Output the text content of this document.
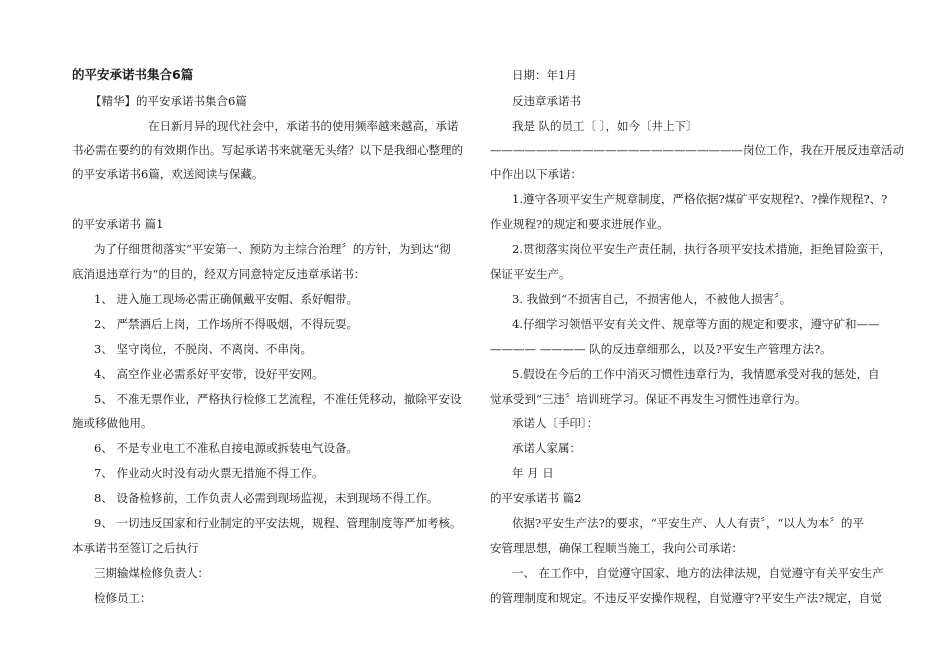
的平安承诺书集合6篇
【精华】的平安承诺书集合6篇
在日新月异的现代社会中，承诺书的使用频率越来越高，承诺
书必需在要约的有效期作出。写起承诺书来就毫无头绪？以下是我细心整理的
的平安承诺书6篇，欢送阅读与保藏。
的平安承诺书 篇1
为了仔细贯彻落实“平安第一、预防为主综合治理〞的方针，为到达“彻
底消退违章行为“的目的，经双方同意特定反违章承诺书：
1、 进入施工现场必需正确佩戴平安帽、系好帽带。
2、 严禁酒后上岗，工作场所不得吸烟，不得玩耍。
3、 坚守岗位，不脱岗、不离岗、不串岗。
4、 高空作业必需系好平安带，设好平安网。
5、 不准无票作业，严格执行检修工艺流程，不准任凭移动，撤除平安设
施或移做他用。
6、 不是专业电工不准私自接电源或拆装电气设备。
7、 作业动火时没有动火票无措施不得工作。
8、 设备检修前，工作负责人必需到现场监视，未到现场不得工作。
9、 一切违反国家和行业制定的平安法规，规程、管理制度等严加考核。
本承诺书至签订之后执行
三期输煤检修负责人：
检修员工：
日期：年1月
反违章承诺书
我是 队的员工〔 〕，如今〔井上下〕
——————————————————————岗位工作，我在开展反违章活动
中作出以下承诺：
1.遵守各项平安生产规章制度，严格依据?煤矿平安规程?、?操作规程?、?
作业规程?的规定和要求进展作业。
2.贯彻落实岗位平安生产责任制，执行各项平安技术措施，拒绝冒险蛮干，
保证平安生产。
3. 我做到“不损害自己，不损害他人，不被他人损害〞。
4.仔细学习领悟平安有关文件、规章等方面的规定和要求，遵守矿和——
———— ———— 队的反违章细那么，以及?平安生产管理方法?。
5.假设在今后的工作中消灭习惯性违章行为，我情愿承受对我的惩处，自
觉承受到“三违〞培训班学习。保证不再发生习惯性违章行为。
承诺人〔手印〕：
承诺人家属：
年 月 日
的平安承诺书 篇2
依据?平安生产法?的要求，“平安生产、人人有责〞，“以人为本〞的平
安管理思想，确保工程顺当施工，我向公司承诺：
一、 在工作中，自觉遵守国家、地方的法律法规，自觉遵守有关平安生产
的管理制度和规定。不违反平安操作规程，自觉遵守?平安生产法?规定，自觉
